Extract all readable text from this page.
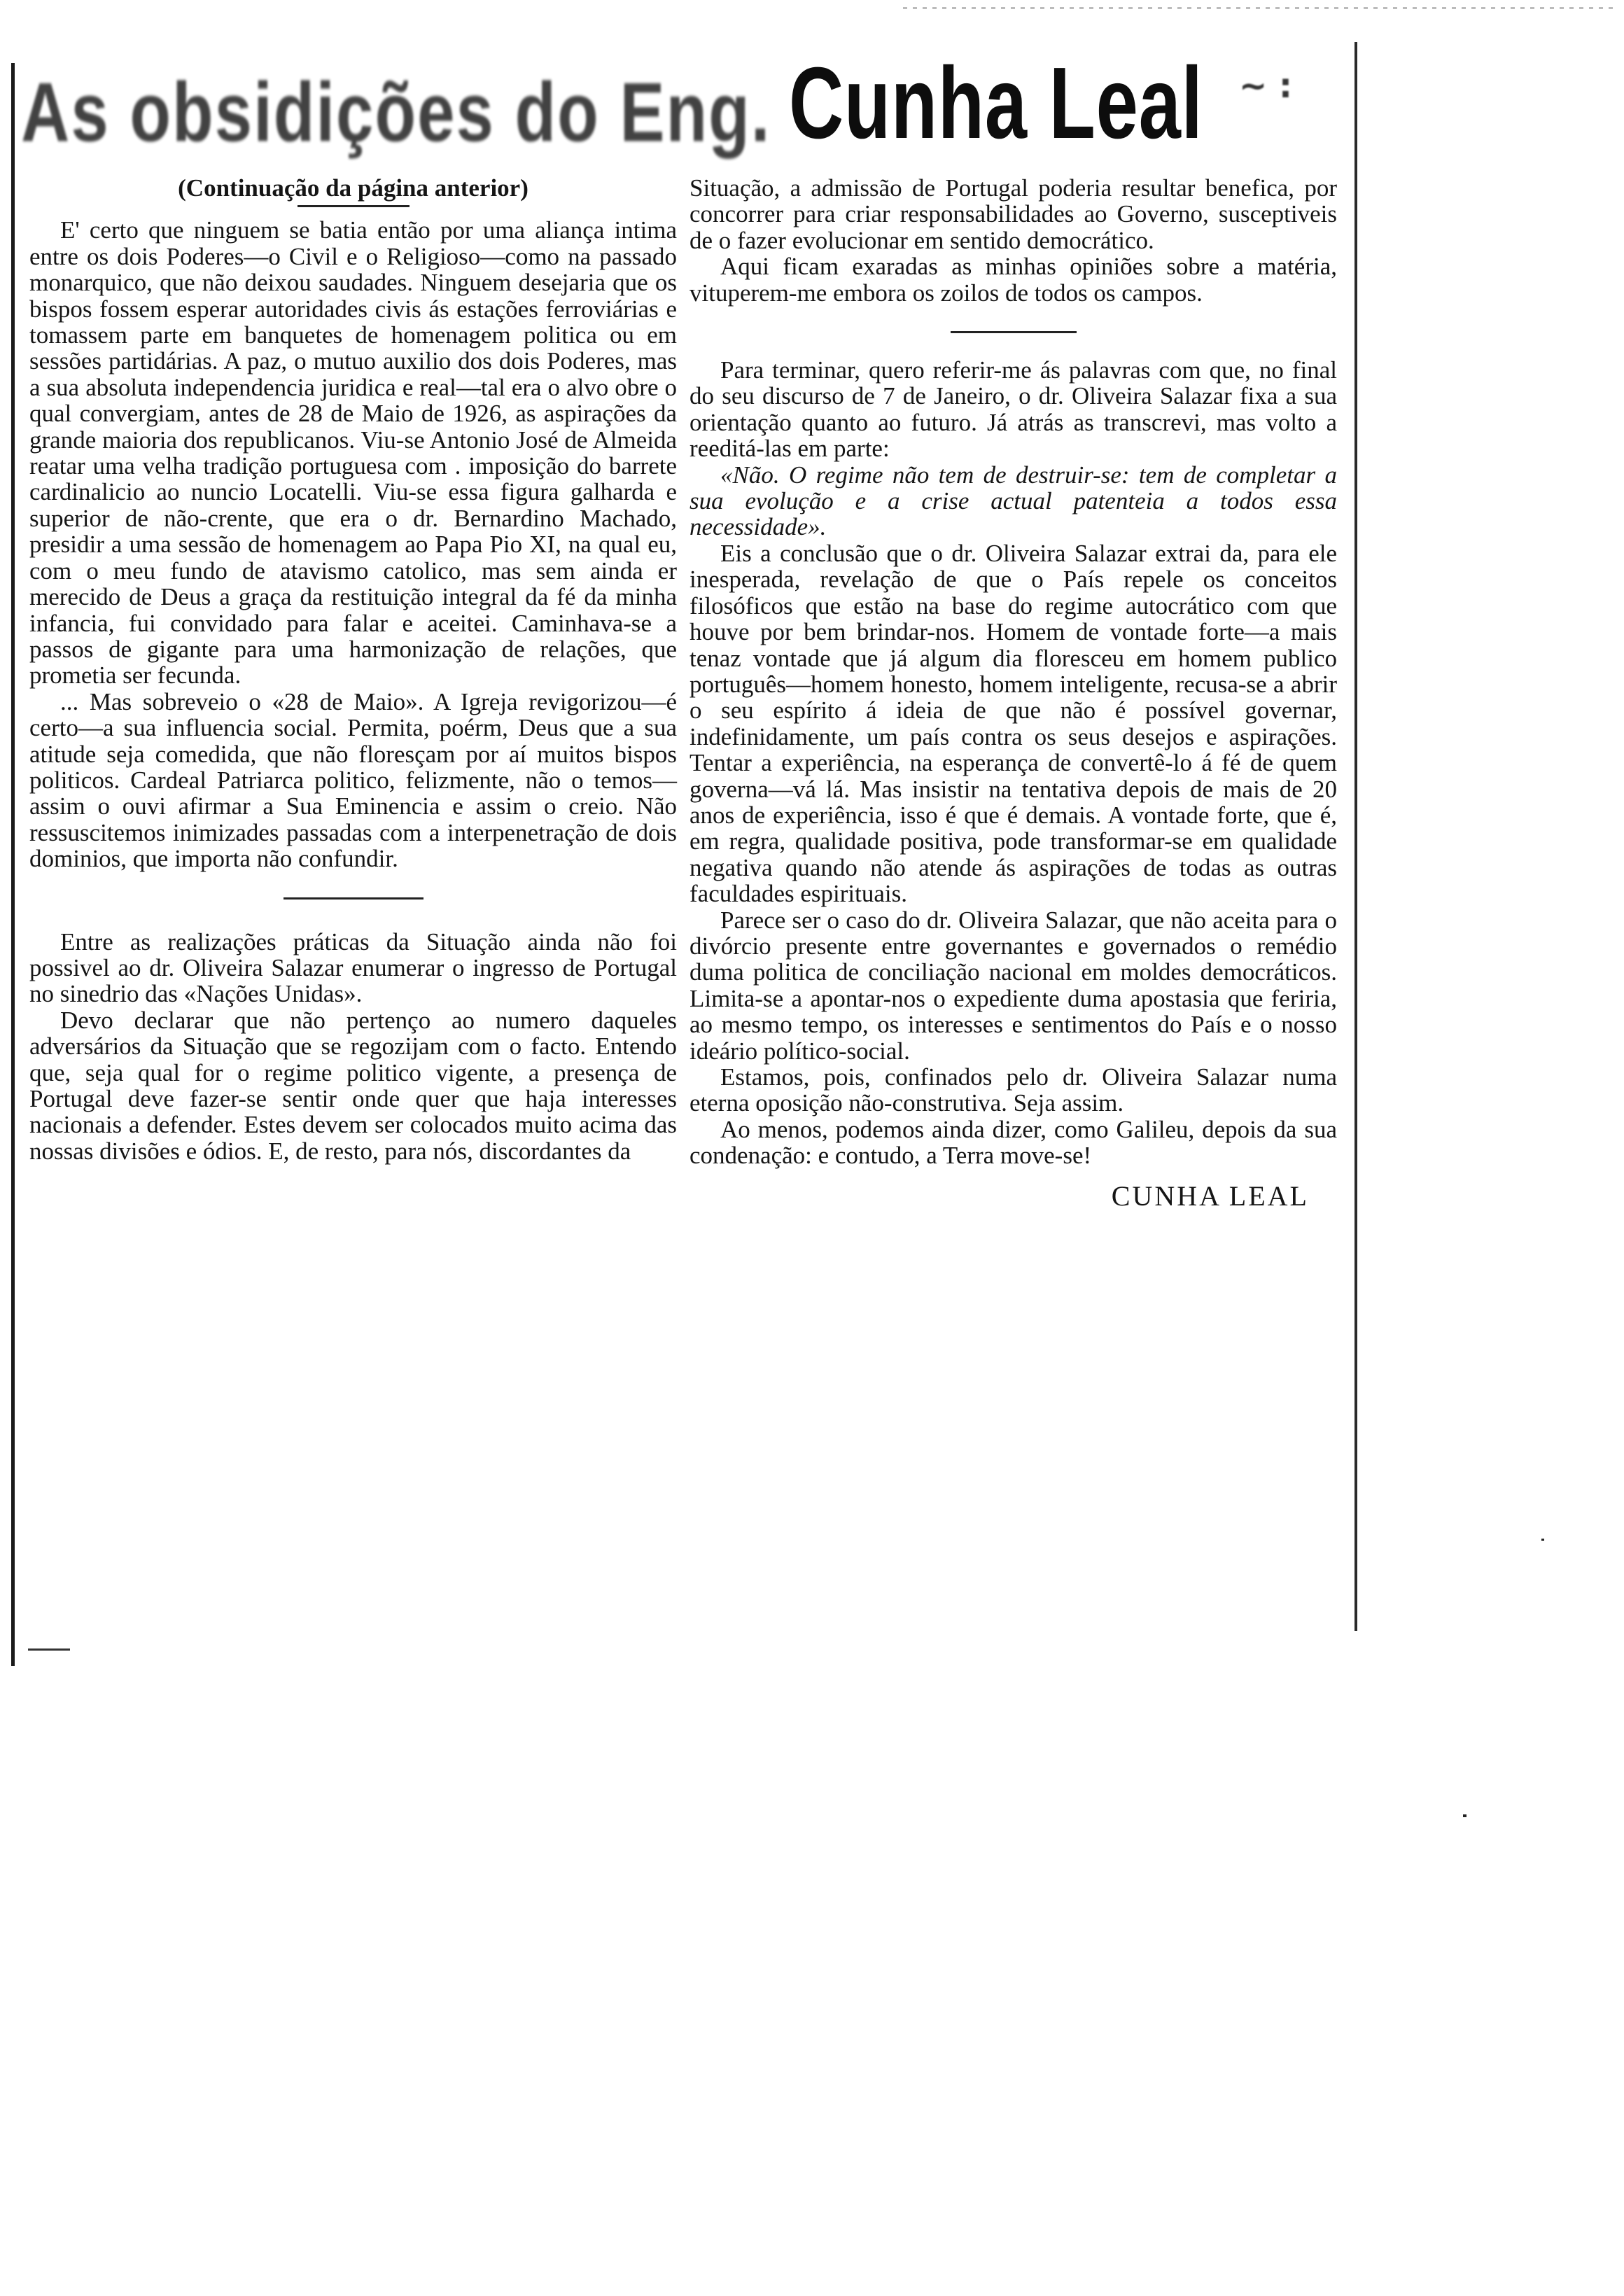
As obsidições do Eng. Cunha Leal ~ :

(Continuação da página anterior)

E' certo que ninguem se batia então por uma aliança intima entre os dois Poderes—o Civil e o Religioso—como na passado monarquico, que não deixou saudades. Ninguem desejaria que os bispos fossem esperar autoridades civis ás estações ferroviárias e tomassem parte em banquetes de homenagem politica ou em sessões partidárias. A paz, o mutuo auxilio dos dois Poderes, mas a sua absoluta independencia juridica e real—tal era o alvo obre o qual convergiam, antes de 28 de Maio de 1926, as aspirações da grande maioria dos republicanos. Viu-se Antonio José de Almeida reatar uma velha tradição portuguesa com . imposição do barrete cardinalicio ao nuncio Locatelli. Viu-se essa figura galharda e superior de não-crente, que era o dr. Bernardino Machado, presidir a uma sessão de homenagem ao Papa Pio XI, na qual eu, com o meu fundo de atavismo catolico, mas sem ainda er merecido de Deus a graça da restituição integral da fé da minha infancia, fui convidado para falar e aceitei. Caminhava-se a passos de gigante para uma harmonização de relações, que prometia ser fecunda.

... Mas sobreveio o «28 de Maio». A Igreja revigorizou—é certo—a sua influencia social. Permita, poérm, Deus que a sua atitude seja comedida, que não floresçam por aí muitos bispos politicos. Cardeal Patriarca politico, felizmente, não o temos—assim o ouvi afirmar a Sua Eminencia e assim o creio. Não ressuscitemos inimizades passadas com a interpenetração de dois dominios, que importa não confundir.

Entre as realizações práticas da Situação ainda não foi possivel ao dr. Oliveira Salazar enumerar o ingresso de Portugal no sinedrio das «Nações Unidas».

Devo declarar que não pertenço ao numero daqueles adversários da Situação que se regozijam com o facto. Entendo que, seja qual for o regime politico vigente, a presença de Portugal deve fazer-se sentir onde quer que haja interesses nacionais a defender. Estes devem ser colocados muito acima das nossas divisões e ódios. E, de resto, para nós, discordantes da

Situação, a admissão de Portugal poderia resultar benefica, por concorrer para criar responsabilidades ao Governo, susceptiveis de o fazer evolucionar em sentido democrático.

Aqui ficam exaradas as minhas opiniões sobre a matéria, vituperem-me embora os zoilos de todos os campos.

Para terminar, quero referir-me ás palavras com que, no final do seu discurso de 7 de Janeiro, o dr. Oliveira Salazar fixa a sua orientação quanto ao futuro. Já atrás as transcrevi, mas volto a reeditá-las em parte:

«Não. O regime não tem de destruir-se: tem de completar a sua evolução e a crise actual patenteia a todos essa necessidade».

Eis a conclusão que o dr. Oliveira Salazar extrai da, para ele inesperada, revelação de que o País repele os conceitos filosóficos que estão na base do regime autocrático com que houve por bem brindar-nos. Homem de vontade forte—a mais tenaz vontade que já algum dia floresceu em homem publico português—homem honesto, homem inteligente, recusa-se a abrir o seu espírito á ideia de que não é possível governar, indefinidamente, um país contra os seus desejos e aspirações. Tentar a experiência, na esperança de convertê-lo á fé de quem governa—vá lá. Mas insistir na tentativa depois de mais de 20 anos de experiência, isso é que é demais. A vontade forte, que é, em regra, qualidade positiva, pode transformar-se em qualidade negativa quando não atende ás aspirações de todas as outras faculdades espirituais.

Parece ser o caso do dr. Oliveira Salazar, que não aceita para o divórcio presente entre governantes e governados o remédio duma politica de conciliação nacional em moldes democráticos. Limita-se a apontar-nos o expediente duma apostasia que feriria, ao mesmo tempo, os interesses e sentimentos do País e o nosso ideário político-social.

Estamos, pois, confinados pelo dr. Oliveira Salazar numa eterna oposição não-construtiva. Seja assim.

Ao menos, podemos ainda dizer, como Galileu, depois da sua condenação: e contudo, a Terra move-se!

CUNHA LEAL
